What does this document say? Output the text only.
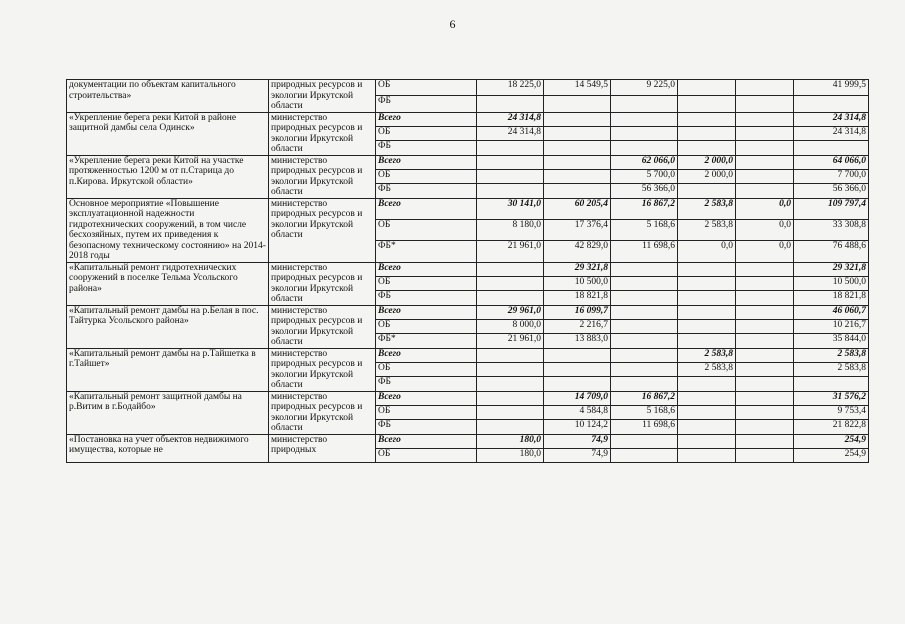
6
документации по объектам капитального строительства»	природных ресурсов и экологии Иркутской области	ОБ	18 225,0	14 549,5	9 225,0			41 999,5
		ФБ						
«Укрепление берега реки Китой в районе защитной дамбы села Одинск»	министерство природных ресурсов и экологии Иркутской области	Всего	24 314,8					24 314,8
		ОБ	24 314,8					24 314,8
		ФБ						
«Укрепление берега реки Китой на участке протяженностью 1200 м от п.Старица до п.Кирова. Иркутской области»	министерство природных ресурсов и экологии Иркутской области	Всего			62 066,0	2 000,0		64 066,0
		ОБ			5 700,0	2 000,0		7 700,0
		ФБ			56 366,0			56 366,0
Основное мероприятие «Повышение эксплуатационной надежности гидротехнических сооружений, в том числе бесхозяйных, путем их приведения к безопасному техническому состоянию» на 2014-2018 годы	министерство природных ресурсов и экологии Иркутской области	Всего	30 141,0	60 205,4	16 867,2	2 583,8	0,0	109 797,4
		ОБ	8 180,0	17 376,4	5 168,6	2 583,8	0,0	33 308,8
		ФБ*	21 961,0	42 829,0	11 698,6	0,0	0,0	76 488,6
«Капитальный ремонт гидротехнических сооружений в поселке Тельма Усольского района»	министерство природных ресурсов и экологии Иркутской области	Всего		29 321,8				29 321,8
		ОБ		10 500,0				10 500,0
		ФБ		18 821,8				18 821,8
«Капитальный ремонт дамбы на р.Белая в пос. Тайтурка Усольского района»	министерство природных ресурсов и экологии Иркутской области	Всего	29 961,0	16 099,7				46 060,7
		ОБ	8 000,0	2 216,7				10 216,7
		ФБ*	21 961,0	13 883,0				35 844,0
«Капитальный ремонт дамбы на р.Тайшетка в г.Тайшет»	министерство природных ресурсов и экологии Иркутской области	Всего				2 583,8		2 583,8
		ОБ				2 583,8		2 583,8
		ФБ						
«Капитальный ремонт защитной дамбы на р.Витим в г.Бодайбо»	министерство природных ресурсов и экологии Иркутской области	Всего		14 709,0	16 867,2			31 576,2
		ОБ		4 584,8	5 168,6			9 753,4
		ФБ		10 124,2	11 698,6			21 822,8
«Постановка на учет объектов недвижимого имущества, которые не	министерство природных	Всего	180,0	74,9				254,9
		ОБ	180,0	74,9				254,9
